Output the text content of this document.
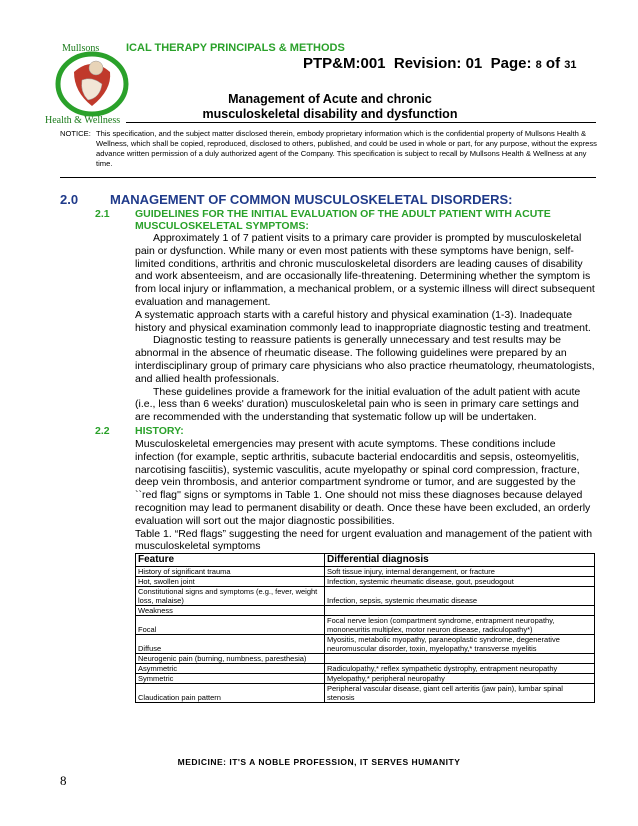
Mullsons
Health & Wellness
ICAL THERAPY PRINCIPALS & METHODS
PTP&M:001 Revision: 01 Page: 8 of 31
Management of Acute and chronic
musculoskeletal disability and dysfunction
NOTICE: This specification, and the subject matter disclosed therein, embody proprietary information which is the confidential property of Mullsons Health & Wellness, which shall be copied, reproduced, disclosed to others, published, and could be used in whole or part, for any purpose, without the express advance written permission of a duly authorized agent of the Company. This specification is subject to recall by Mullsons Health & Wellness at any time.
2.0 MANAGEMENT OF COMMON MUSCULOSKELETAL DISORDERS:
2.1 GUIDELINES FOR THE INITIAL EVALUATION OF THE ADULT PATIENT WITH ACUTE
MUSCULOSKELETAL SYMPTOMS:

Approximately 1 of 7 patient visits to a primary care provider is prompted by musculoskeletal pain or dysfunction. While many or even most patients with these symptoms have benign, self-limited conditions, arthritis and chronic musculoskeletal disorders are leading causes of disability and work absenteeism, and are occasionally life-threatening. Determining whether the symptom is from local injury or inflammation, a mechanical problem, or a systemic illness will direct subsequent evaluation and management.

A systematic approach starts with a careful history and physical examination (1-3). Inadequate history and physical examination commonly lead to inappropriate diagnostic testing and treatment.

Diagnostic testing to reassure patients is generally unnecessary and test results may be abnormal in the absence of rheumatic disease. The following guidelines were prepared by an interdisciplinary group of primary care physicians who also practice rheumatology, rheumatologists, and allied health professionals.

These guidelines provide a framework for the initial evaluation of the adult patient with acute (i.e., less than 6 weeks' duration) musculoskeletal pain who is seen in primary care settings and are recommended with the understanding that systematic follow up will be undertaken.

2.2 HISTORY:

Musculoskeletal emergencies may present with acute symptoms. These conditions include infection (for example, septic arthritis, subacute bacterial endocarditis and sepsis, osteomyelitis, narcotising fasciitis), systemic vasculitis, acute myelopathy or spinal cord compression, fracture, deep vein thrombosis, and anterior compartment syndrome or tumor, and are suggested by the ``red flag'' signs or symptoms in Table 1. One should not miss these diagnoses because delayed recognition may lead to permanent disability or death. Once these have been excluded, an orderly evaluation will sort out the major diagnostic possibilities.

Table 1. “Red flags” suggesting the need for urgent evaluation and management of the patient with musculoskeletal symptoms
Feature	Differential diagnosis
History of significant trauma	Soft tissue injury, internal derangement, or fracture
Hot, swollen joint	Infection, systemic rheumatic disease, gout, pseudogout
Constitutional signs and symptoms (e.g., fever, weight loss, malaise)	Infection, sepsis, systemic rheumatic disease
Weakness	
Focal	Focal nerve lesion (compartment syndrome, entrapment neuropathy, mononeuritis multiplex, motor neuron disease, radiculopathy*)
Diffuse	Myositis, metabolic myopathy, paraneoplastic syndrome, degenerative neuromuscular disorder, toxin, myelopathy,* transverse myelitis
Neurogenic pain (burning, numbness, paresthesia)	
Asymmetric	Radiculopathy,* reflex sympathetic dystrophy, entrapment neuropathy
Symmetric	Myelopathy,* peripheral neuropathy
Claudication pain pattern	Peripheral vascular disease, giant cell arteritis (jaw pain), lumbar spinal stenosis
MEDICINE: IT'S A NOBLE PROFESSION, IT SERVES HUMANITY
8
